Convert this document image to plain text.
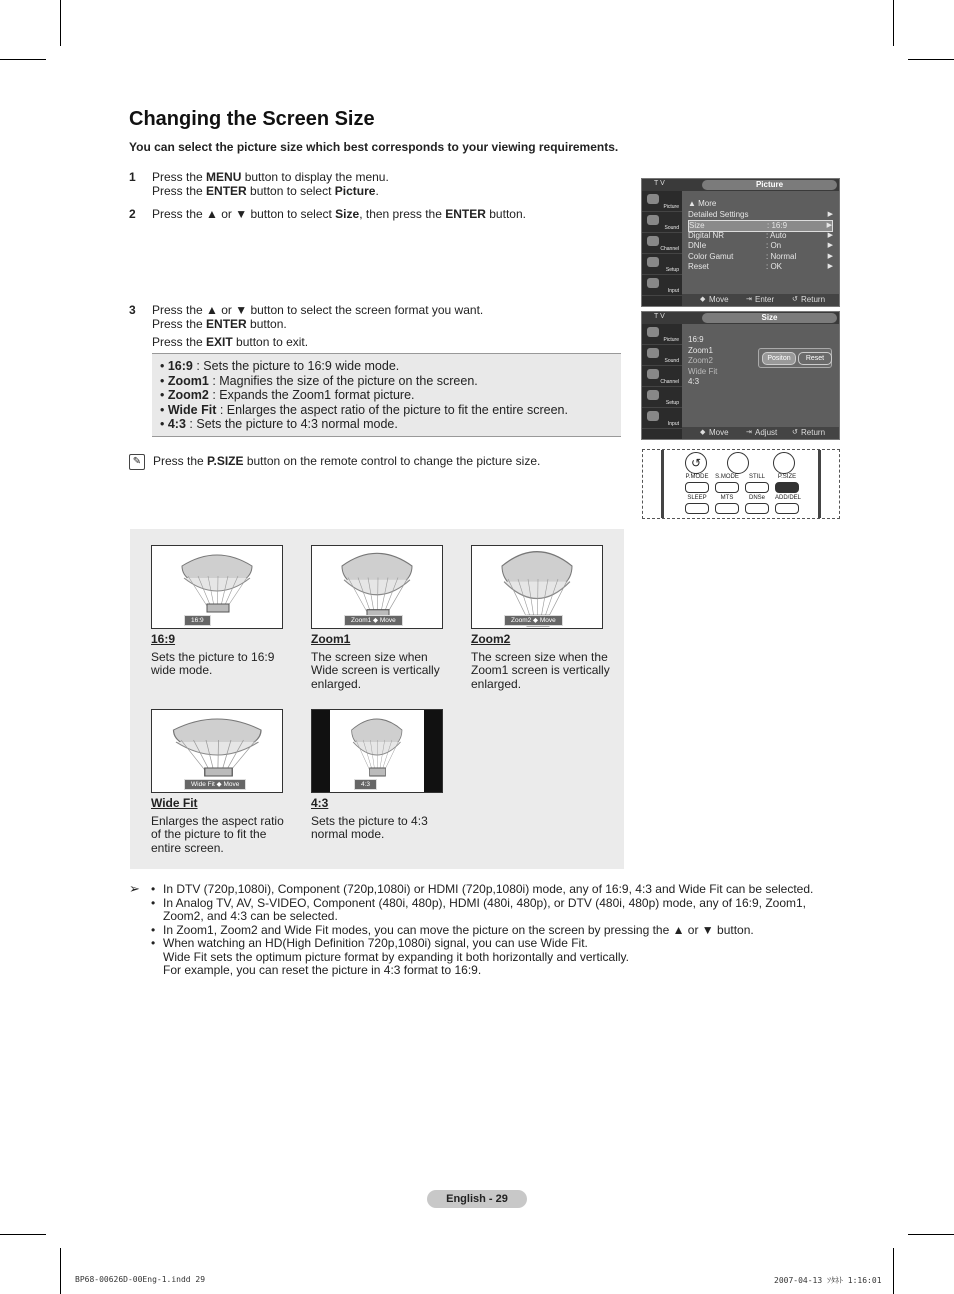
Changing the Screen Size
You can select the picture size which best corresponds to your viewing requirements.
1	Press the MENU button to display the menu.
Press the ENTER button to select Picture.
2	Press the ▲ or ▼ button to select Size, then press the ENTER button.
3	Press the ▲ or ▼ button to select the screen format you want.
Press the ENTER button.
Press the EXIT button to exit.
• 16:9 : Sets the picture to 16:9 wide mode.
• Zoom1 : Magnifies the size of the picture on the screen.
• Zoom2 : Expands the Zoom1 format picture.
• Wide Fit : Enlarges the aspect ratio of the picture to fit the entire screen.
• 4:3 : Sets the picture to 4:3 normal mode.
✎ Press the P.SIZE button on the remote control to change the picture size.
T V	Picture
Picture
Sound
Channel
Setup
Input
▲ More
Detailed Settings	▶
Size	: 16:9	▶
Digital NR	: Auto	▶
DNIe	: On	▶
Color Gamut	: Normal	▶
Reset	: OK	▶
◆ Move ⇥ Enter	↺ Return
T V	Size
Picture
Sound
Channel
Setup
Input
16:9
Zoom1
Zoom2
Wide Fit
4:3
Positon	Reset
◆ Move ⇥ Adjust ↺ Return
↺
P.MODE S.MODE	STILL	P.SIZE
SLEEP	MTS	DNSe	ADD/DEL
16:9
16:9
Sets the picture to 16:9 wide mode.
Zoom1 ◆ Move
Zoom1
The screen size when Wide screen is vertically enlarged.
Zoom2 ◆ Move
Zoom2
The screen size when the Zoom1 screen is vertically enlarged.
Wide Fit ◆ Move
Wide Fit
Enlarges the aspect ratio of the picture to fit the entire screen.
4:3
4:3
Sets the picture to 4:3 normal mode.
➢ • In DTV (720p,1080i), Component (720p,1080i) or HDMI (720p,1080i) mode, any of 16:9, 4:3 and Wide Fit can be selected.
• In Analog TV, AV, S-VIDEO, Component (480i, 480p), HDMI (480i, 480p), or DTV (480i, 480p) mode, any of 16:9, Zoom1, Zoom2, and 4:3 can be selected.
• In Zoom1, Zoom2 and Wide Fit modes, you can move the picture on the screen by pressing the ▲ or ▼ button.
• When watching an HD(High Definition 720p,1080i) signal, you can use Wide Fit.
Wide Fit sets the optimum picture format by expanding it both horizontally and vertically.
For example, you can reset the picture in 4:3 format to 16:9.
English - 29
BP68-00626D-00Eng-1.indd 29	2007-04-13 ｿﾀﾈﾄ 1:16:01
